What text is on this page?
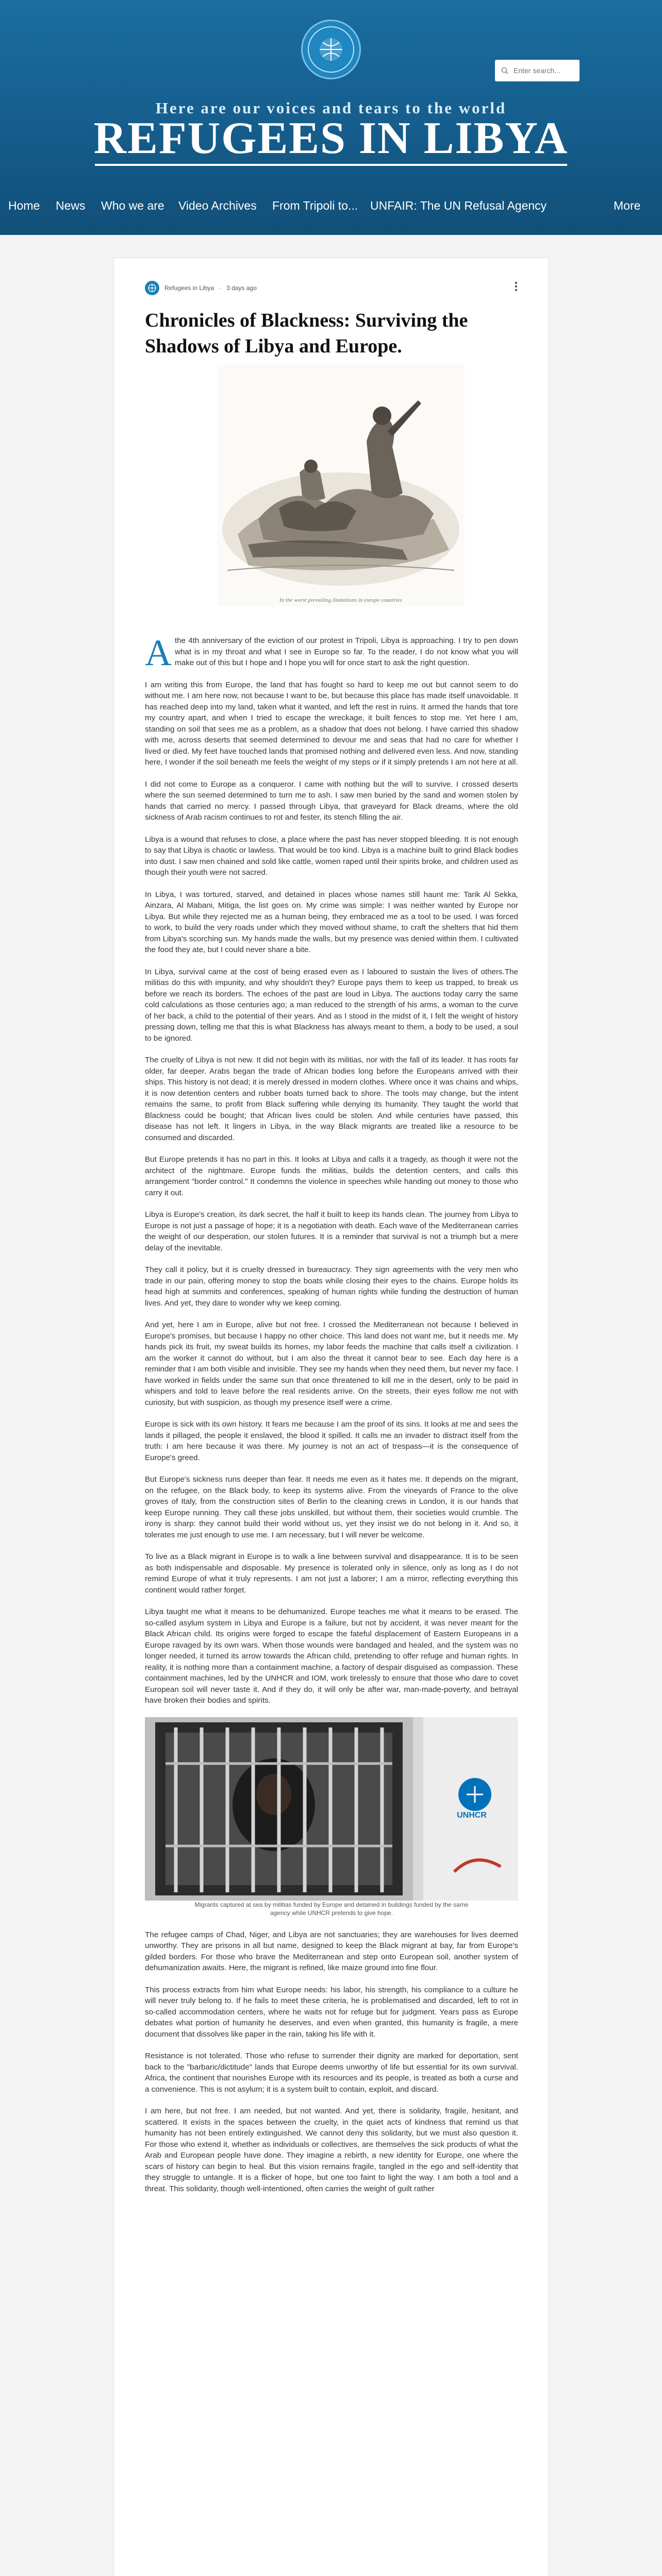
Enter search...
Here are our voices and tears to the world
REFUGEES IN LIBYA
Home News Who we are Video Archives From Tripoli to... UNFAIR: The UN Refusal Agency	More
Refugees in Libya · 3 days ago
Chronicles of Blackness: Surviving the Shadows of Libya and Europe.
In the worst prevailing limitations in europe countries

Athe 4th anniversary of the eviction of our protest in Tripoli, Libya is approaching. I try to pen down what is in my throat and what I see in Europe so far. To the reader, I do not know what you will make out of this but I hope and I hope you will for once start to ask the right question.

I am writing this from Europe, the land that has fought so hard to keep me out but cannot seem to do without me. I am here now, not because I want to be, but because this place has made itself unavoidable. It has reached deep into my land, taken what it wanted, and left the rest in ruins. It armed the hands that tore my country apart, and when I tried to escape the wreckage, it built fences to stop me. Yet here I am, standing on soil that sees me as a problem, as a shadow that does not belong. I have carried this shadow with me, across deserts that seemed determined to devour me and seas that had no care for whether I lived or died. My feet have touched lands that promised nothing and delivered even less. And now, standing here, I wonder if the soil beneath me feels the weight of my steps or if it simply pretends I am not here at all.

I did not come to Europe as a conqueror. I came with nothing but the will to survive. I crossed deserts where the sun seemed determined to turn me to ash. I saw men buried by the sand and women stolen by hands that carried no mercy. I passed through Libya, that graveyard for Black dreams, where the old sickness of Arab racism continues to rot and fester, its stench filling the air.

Libya is a wound that refuses to close, a place where the past has never stopped bleeding. It is not enough to say that Libya is chaotic or lawless. That would be too kind. Libya is a machine built to grind Black bodies into dust. I saw men chained and sold like cattle, women raped until their spirits broke, and children used as though their youth were not sacred.

In Libya, I was tortured, starved, and detained in places whose names still haunt me: Tarik Al Sekka, Ainzara, Al Mabani, Mitiga, the list goes on. My crime was simple: I was neither wanted by Europe nor Libya. But while they rejected me as a human being, they embraced me as a tool to be used. I was forced to work, to build the very roads under which they moved without shame, to craft the shelters that hid them from Libya's scorching sun. My hands made the walls, but my presence was denied within them. I cultivated the food they ate, but I could never share a bite.

In Libya, survival came at the cost of being erased even as I laboured to sustain the lives of others.The militias do this with impunity, and why shouldn't they? Europe pays them to keep us trapped, to break us before we reach its borders. The echoes of the past are loud in Libya. The auctions today carry the same cold calculations as those centuries ago; a man reduced to the strength of his arms, a woman to the curve of her back, a child to the potential of their years. And as I stood in the midst of it, I felt the weight of history pressing down, telling me that this is what Blackness has always meant to them, a body to be used, a soul to be ignored.

The cruelty of Libya is not new. It did not begin with its militias, nor with the fall of its leader. It has roots far older, far deeper. Arabs began the trade of African bodies long before the Europeans arrived with their ships. This history is not dead; it is merely dressed in modern clothes. Where once it was chains and whips, it is now detention centers and rubber boats turned back to shore. The tools may change, but the intent remains the same, to profit from Black suffering while denying its humanity. They taught the world that Blackness could be bought; that African lives could be stolen. And while centuries have passed, this disease has not left. It lingers in Libya, in the way Black migrants are treated like a resource to be consumed and discarded.

But Europe pretends it has no part in this. It looks at Libya and calls it a tragedy, as though it were not the architect of the nightmare. Europe funds the militias, builds the detention centers, and calls this arrangement "border control." It condemns the violence in speeches while handing out money to those who carry it out.

Libya is Europe's creation, its dark secret, the half it built to keep its hands clean. The journey from Libya to Europe is not just a passage of hope; it is a negotiation with death. Each wave of the Mediterranean carries the weight of our desperation, our stolen futures. It is a reminder that survival is not a triumph but a mere delay of the inevitable.

They call it policy, but it is cruelty dressed in bureaucracy. They sign agreements with the very men who trade in our pain, offering money to stop the boats while closing their eyes to the chains. Europe holds its head high at summits and conferences, speaking of human rights while funding the destruction of human lives. And yet, they dare to wonder why we keep coming.

And yet, here I am in Europe, alive but not free. I crossed the Mediterranean not because I believed in Europe's promises, but because I happy no other choice. This land does not want me, but it needs me. My hands pick its fruit, my sweat builds its homes, my labor feeds the machine that calls itself a civilization. I am the worker it cannot do without, but I am also the threat it cannot bear to see. Each day here is a reminder that I am both visible and invisible. They see my hands when they need them, but never my face. I have worked in fields under the same sun that once threatened to kill me in the desert, only to be paid in whispers and told to leave before the real residents arrive. On the streets, their eyes follow me not with curiosity, but with suspicion, as though my presence itself were a crime.

Europe is sick with its own history. It fears me because I am the proof of its sins. It looks at me and sees the lands it pillaged, the people it enslaved, the blood it spilled. It calls me an invader to distract itself from the truth: I am here because it was there. My journey is not an act of trespass—it is the consequence of Europe's greed.

But Europe's sickness runs deeper than fear. It needs me even as it hates me. It depends on the migrant, on the refugee, on the Black body, to keep its systems alive. From the vineyards of France to the olive groves of Italy, from the construction sites of Berlin to the cleaning crews in London, it is our hands that keep Europe running. They call these jobs unskilled, but without them, their societies would crumble. The irony is sharp: they cannot build their world without us, yet they insist we do not belong in it. And so, it tolerates me just enough to use me. I am necessary, but I will never be welcome.

To live as a Black migrant in Europe is to walk a line between survival and disappearance. It is to be seen as both indispensable and disposable. My presence is tolerated only in silence, only as long as I do not remind Europe of what it truly represents. I am not just a laborer; I am a mirror, reflecting everything this continent would rather forget.

Libya taught me what it means to be dehumanized. Europe teaches me what it means to be erased. The so-called asylum system in Libya and Europe is a failure, but not by accident, it was never meant for the Black African child. Its origins were forged to escape the fateful displacement of Eastern Europeans in a Europe ravaged by its own wars. When those wounds were bandaged and healed, and the system was no longer needed, it turned its arrow towards the African child, pretending to offer refuge and human rights. In reality, it is nothing more than a containment machine, a factory of despair disguised as compassion. These containment machines, led by the UNHCR and IOM, work tirelessly to ensure that those who dare to covet European soil will never taste it. And if they do, it will only be after war, man-made-poverty, and betrayal have broken their bodies and spirits.

UNHCR
Migrants captured at sea by militias funded by Europe and detained in buildings funded by the same agency while UNHCR pretends to give hope.

The refugee camps of Chad, Niger, and Libya are not sanctuaries; they are warehouses for lives deemed unworthy. They are prisons in all but name, designed to keep the Black migrant at bay, far from Europe's gilded borders. For those who brave the Mediterranean and step onto European soil, another system of dehumanization awaits. Here, the migrant is refined, like maize ground into fine flour.

This process extracts from him what Europe needs: his labor, his strength, his compliance to a culture he will never truly belong to. If he fails to meet these criteria, he is problematised and discarded, left to rot in so-called accommodation centers, where he waits not for refuge but for judgment. Years pass as Europe debates what portion of humanity he deserves, and even when granted, this humanity is fragile, a mere document that dissolves like paper in the rain, taking his life with it.

Resistance is not tolerated. Those who refuse to surrender their dignity are marked for deportation, sent back to the "barbaric/dictitude" lands that Europe deems unworthy of life but essential for its own survival. Africa, the continent that nourishes Europe with its resources and its people, is treated as both a curse and a convenience. This is not asylum; it is a system built to contain, exploit, and discard.

I am here, but not free. I am needed, but not wanted. And yet, there is solidarity, fragile, hesitant, and scattered. It exists in the spaces between the cruelty, in the quiet acts of kindness that remind us that humanity has not been entirely extinguished. We cannot deny this solidarity, but we must also question it. For those who extend it, whether as individuals or collectives, are themselves the sick products of what the Arab and European people have done. They imagine a rebirth, a new identity for Europe, one where the scars of history can begin to heal. But this vision remains fragile, tangled in the ego and self-identity that they struggle to untangle. It is a flicker of hope, but one too faint to light the way. I am both a tool and a threat. This solidarity, though well-intentioned, often carries the weight of guilt rather
